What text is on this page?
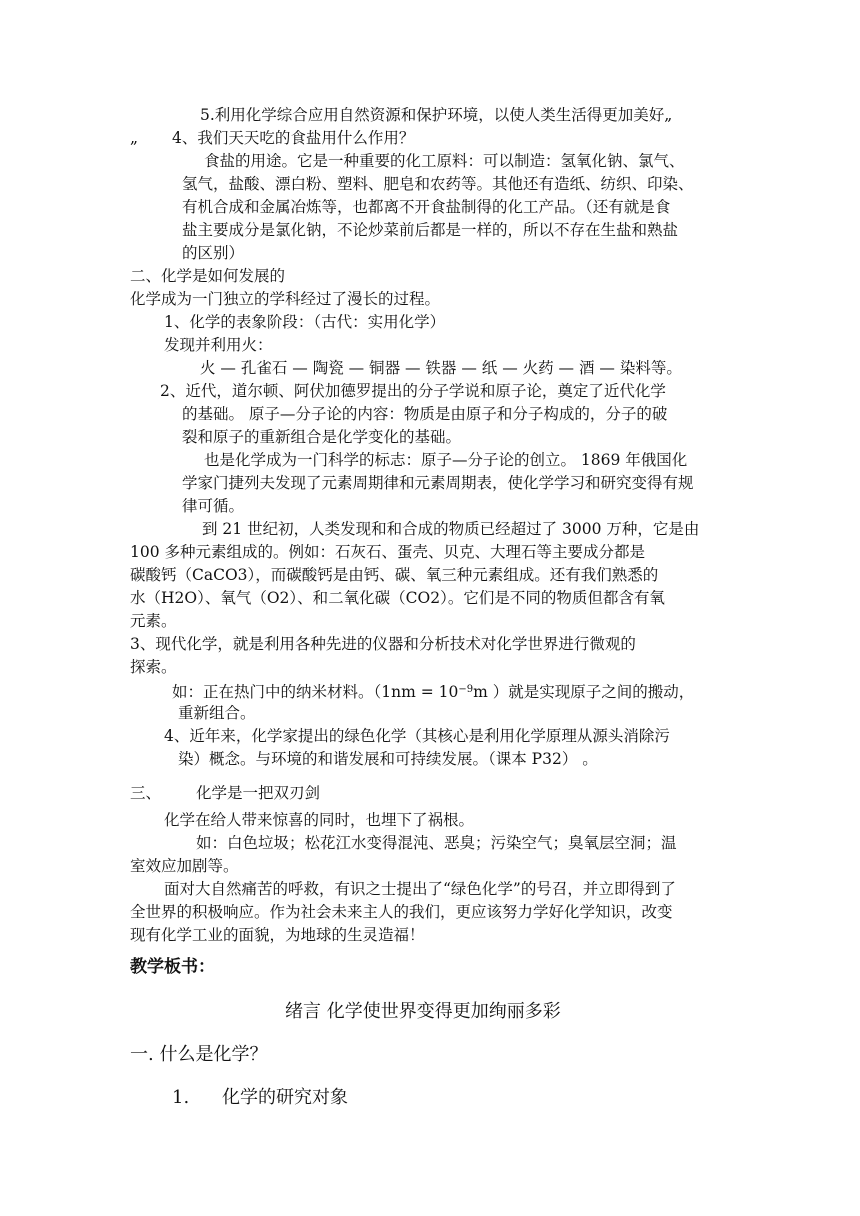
5.利用化学综合应用自然资源和保护环境，以使人类生活得更加美好„
„ 4、我们天天吃的食盐用什么作用？
食盐的用途。它是一种重要的化工原料：可以制造：氢氧化钠、氯气、
氢气，盐酸、漂白粉、塑料、肥皂和农药等。其他还有造纸、纺织、印染、
有机合成和金属冶炼等，也都离不开食盐制得的化工产品。（还有就是食
盐主要成分是氯化钠，不论炒菜前后都是一样的，所以不存在生盐和熟盐
的区别）
二、化学是如何发展的
化学成为一门独立的学科经过了漫长的过程。
1、化学的表象阶段：（古代：实用化学）
发现并利用火：
火 — 孔雀石 — 陶瓷 — 铜器 — 铁器 — 纸 — 火药 — 酒 — 染料等。
2、近代，道尔顿、阿伏加德罗提出的分子学说和原子论，奠定了近代化学
的基础。 原子—分子论的内容：物质是由原子和分子构成的，分子的破
裂和原子的重新组合是化学变化的基础。
也是化学成为一门科学的标志：原子—分子论的创立。 1869 年俄国化
学家门捷列夫发现了元素周期律和元素周期表，使化学学习和研究变得有规
律可循。
到 21 世纪初，人类发现和和合成的物质已经超过了 3000 万种，它是由
100 多种元素组成的。例如：石灰石、蛋壳、贝克、大理石等主要成分都是
碳酸钙（CaCO3），而碳酸钙是由钙、碳、氧三种元素组成。还有我们熟悉的
水（H2O）、氧气（O2）、和二氧化碳（CO2）。它们是不同的物质但都含有氧
元素。
3、现代化学，就是利用各种先进的仪器和分析技术对化学世界进行微观的
探索。
如：正在热门中的纳米材料。（$1nm = 10^{-9}m$ ）就是实现原子之间的搬动，
重新组合。
4、近年来，化学家提出的绿色化学（其核心是利用化学原理从源头消除污
染）概念。与环境的和谐发展和可持续发展。（课本 P32） 。
三、 化学是一把双刃剑
化学在给人带来惊喜的同时，也埋下了祸根。
如：白色垃圾；松花江水变得混沌、恶臭；污染空气；臭氧层空洞；温
室效应加剧等。
面对大自然痛苦的呼救，有识之士提出了“绿色化学”的号召，并立即得到了
全世界的积极响应。作为社会未来主人的我们，更应该努力学好化学知识，改变
现有化学工业的面貌，为地球的生灵造福！
教学板书：
绪言 化学使世界变得更加绚丽多彩
一. 什么是化学？
1. 化学的研究对象
